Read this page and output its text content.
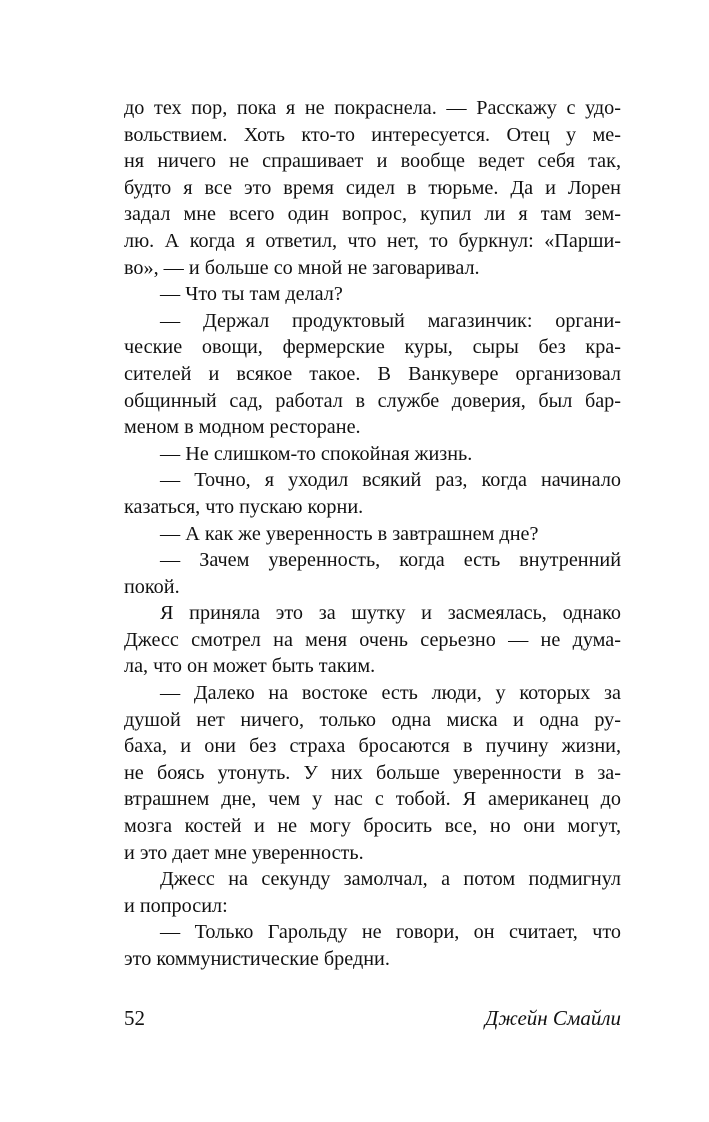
до тех пор, пока я не покраснела. — Расскажу с удо-
вольствием. Хоть кто-то интересуется. Отец у ме-
ня ничего не спрашивает и вообще ведет себя так,
будто я все это время сидел в тюрьме. Да и Лорен
задал мне всего один вопрос, купил ли я там зем-
лю. А когда я ответил, что нет, то буркнул: «Парши-
во», — и больше со мной не заговаривал.
— Что ты там делал?
— Держал продуктовый магазинчик: органи-
ческие овощи, фермерские куры, сыры без кра-
сителей и всякое такое. В Ванкувере организовал
общинный сад, работал в службе доверия, был бар-
меном в модном ресторане.
— Не слишком-то спокойная жизнь.
— Точно, я уходил всякий раз, когда начинало
казаться, что пускаю корни.
— А как же уверенность в завтрашнем дне?
— Зачем уверенность, когда есть внутренний
покой.
Я приняла это за шутку и засмеялась, однако
Джесс смотрел на меня очень серьезно — не дума-
ла, что он может быть таким.
— Далеко на востоке есть люди, у которых за
душой нет ничего, только одна миска и одна ру-
баха, и они без страха бросаются в пучину жизни,
не боясь утонуть. У них больше уверенности в за-
втрашнем дне, чем у нас с тобой. Я американец до
мозга костей и не могу бросить все, но они могут,
и это дает мне уверенность.
Джесс на секунду замолчал, а потом подмигнул
и попросил:
— Только Гарольду не говори, он считает, что
это коммунистические бредни.
52	Джейн Смайли
